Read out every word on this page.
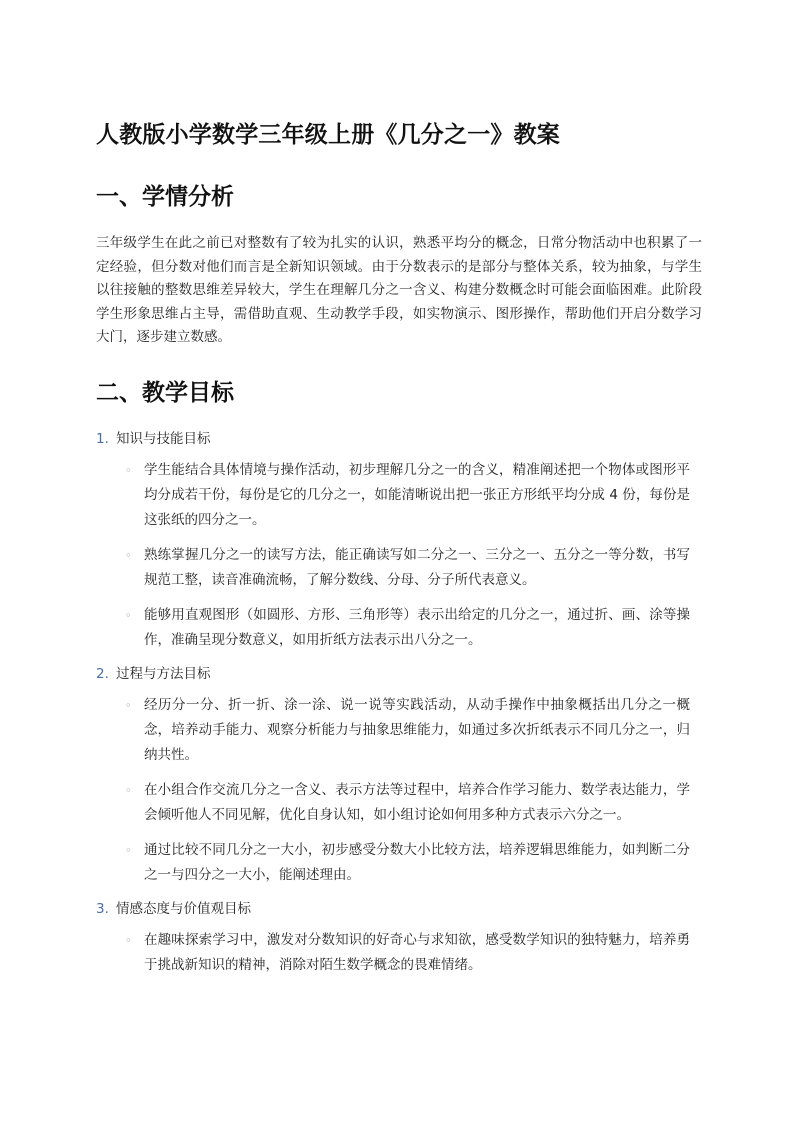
人教版小学数学三年级上册《几分之一》教案
一、学情分析

三年级学生在此之前已对整数有了较为扎实的认识，熟悉平均分的概念，日常分物活动中也积累了一定经验，但分数对他们而言是全新知识领域。由于分数表示的是部分与整体关系，较为抽象，与学生以往接触的整数思维差异较大，学生在理解几分之一含义、构建分数概念时可能会面临困难。此阶段学生形象思维占主导，需借助直观、生动教学手段，如实物演示、图形操作，帮助他们开启分数学习大门，逐步建立数感。

二、教学目标
1. 知识与技能目标
◦ 学生能结合具体情境与操作活动，初步理解几分之一的含义，精准阐述把一个物体或图形平均分成若干份，每份是它的几分之一，如能清晰说出把一张正方形纸平均分成 4 份，每份是这张纸的四分之一。
◦ 熟练掌握几分之一的读写方法，能正确读写如二分之一、三分之一、五分之一等分数，书写规范工整，读音准确流畅，了解分数线、分母、分子所代表意义。
◦ 能够用直观图形（如圆形、方形、三角形等）表示出给定的几分之一，通过折、画、涂等操作，准确呈现分数意义，如用折纸方法表示出八分之一。
2. 过程与方法目标
◦ 经历分一分、折一折、涂一涂、说一说等实践活动，从动手操作中抽象概括出几分之一概念，培养动手能力、观察分析能力与抽象思维能力，如通过多次折纸表示不同几分之一，归纳共性。
◦ 在小组合作交流几分之一含义、表示方法等过程中，培养合作学习能力、数学表达能力，学会倾听他人不同见解，优化自身认知，如小组讨论如何用多种方式表示六分之一。
◦ 通过比较不同几分之一大小，初步感受分数大小比较方法，培养逻辑思维能力，如判断二分之一与四分之一大小，能阐述理由。
3. 情感态度与价值观目标
◦ 在趣味探索学习中，激发对分数知识的好奇心与求知欲，感受数学知识的独特魅力，培养勇于挑战新知识的精神，消除对陌生数学概念的畏难情绪。
